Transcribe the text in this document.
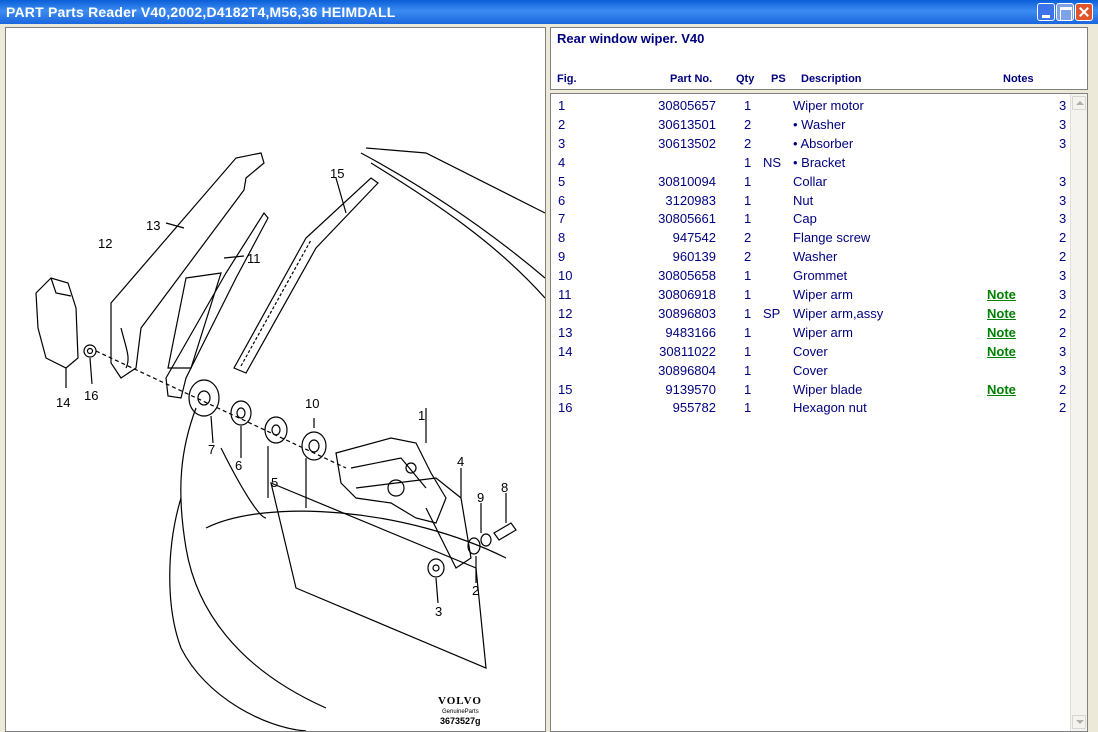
PART Parts Reader V40,2002,D4182T4,M56,36 HEIMDALL
1
2
3
4
5
6
7
8
9
10
11
12
13
14
15
16
VOLVO
GenuineParts
3673527g
Rear window wiper. V40
Fig.	Part No. Qty PS Description	Notes
1	30805657 1	Wiper motor	3
2	30613501 2	• Washer	3
3	30613502 2	• Absorber	3
4	1 NS • Bracket
5	30810094 1	Collar	3
6	3120983 1	Nut	3
7	30805661 1	Cap	3
8	947542 2	Flange screw	2
9	960139 2	Washer	2
10	30805658 1	Grommet	3
11	30806918 1	Wiper arm	Note	3
12	30896803 1 SP Wiper arm,assy	Note	2
13	9483166 1	Wiper arm	Note	2
14	30811022 1	Cover	Note	3
30896804 1	Cover	3
15	9139570 1	Wiper blade	Note	2
16	955782 1	Hexagon nut	2
